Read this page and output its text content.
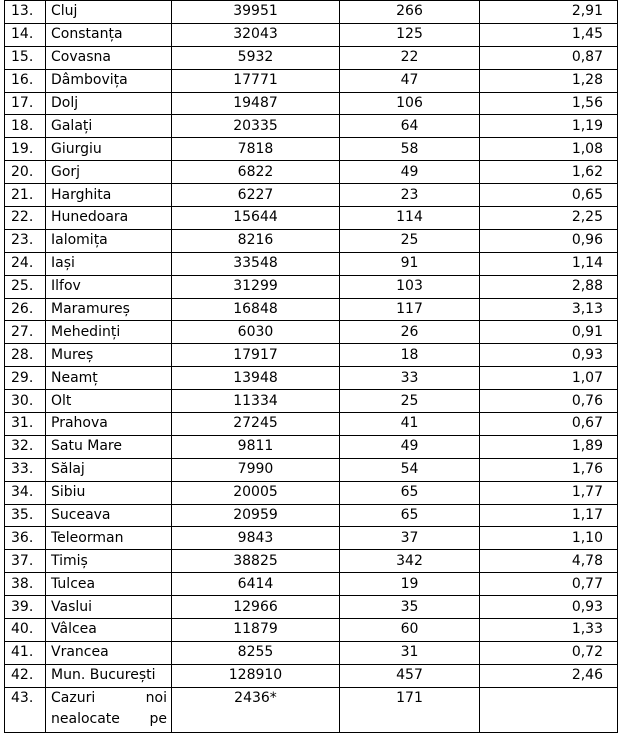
13.	Cluj	39951	266	2,91
14.	Constanța	32043	125	1,45
15.	Covasna	5932	22	0,87
16.	Dâmbovița	17771	47	1,28
17.	Dolj	19487	106	1,56
18.	Galați	20335	64	1,19
19.	Giurgiu	7818	58	1,08
20.	Gorj	6822	49	1,62
21.	Harghita	6227	23	0,65
22.	Hunedoara	15644	114	2,25
23.	Ialomița	8216	25	0,96
24.	Iași	33548	91	1,14
25.	Ilfov	31299	103	2,88
26.	Maramureș	16848	117	3,13
27.	Mehedinți	6030	26	0,91
28.	Mureș	17917	18	0,93
29.	Neamț	13948	33	1,07
30.	Olt	11334	25	0,76
31.	Prahova	27245	41	0,67
32.	Satu Mare	9811	49	1,89
33.	Sălaj	7990	54	1,76
34.	Sibiu	20005	65	1,77
35.	Suceava	20959	65	1,17
36.	Teleorman	9843	37	1,10
37.	Timiș	38825	342	4,78
38.	Tulcea	6414	19	0,77
39.	Vaslui	12966	35	0,93
40.	Vâlcea	11879	60	1,33
41.	Vrancea	8255	31	0,72
42.	Mun. București	128910	457	2,46
43.	Cazuri noi nealocate pe	2436*	171	
